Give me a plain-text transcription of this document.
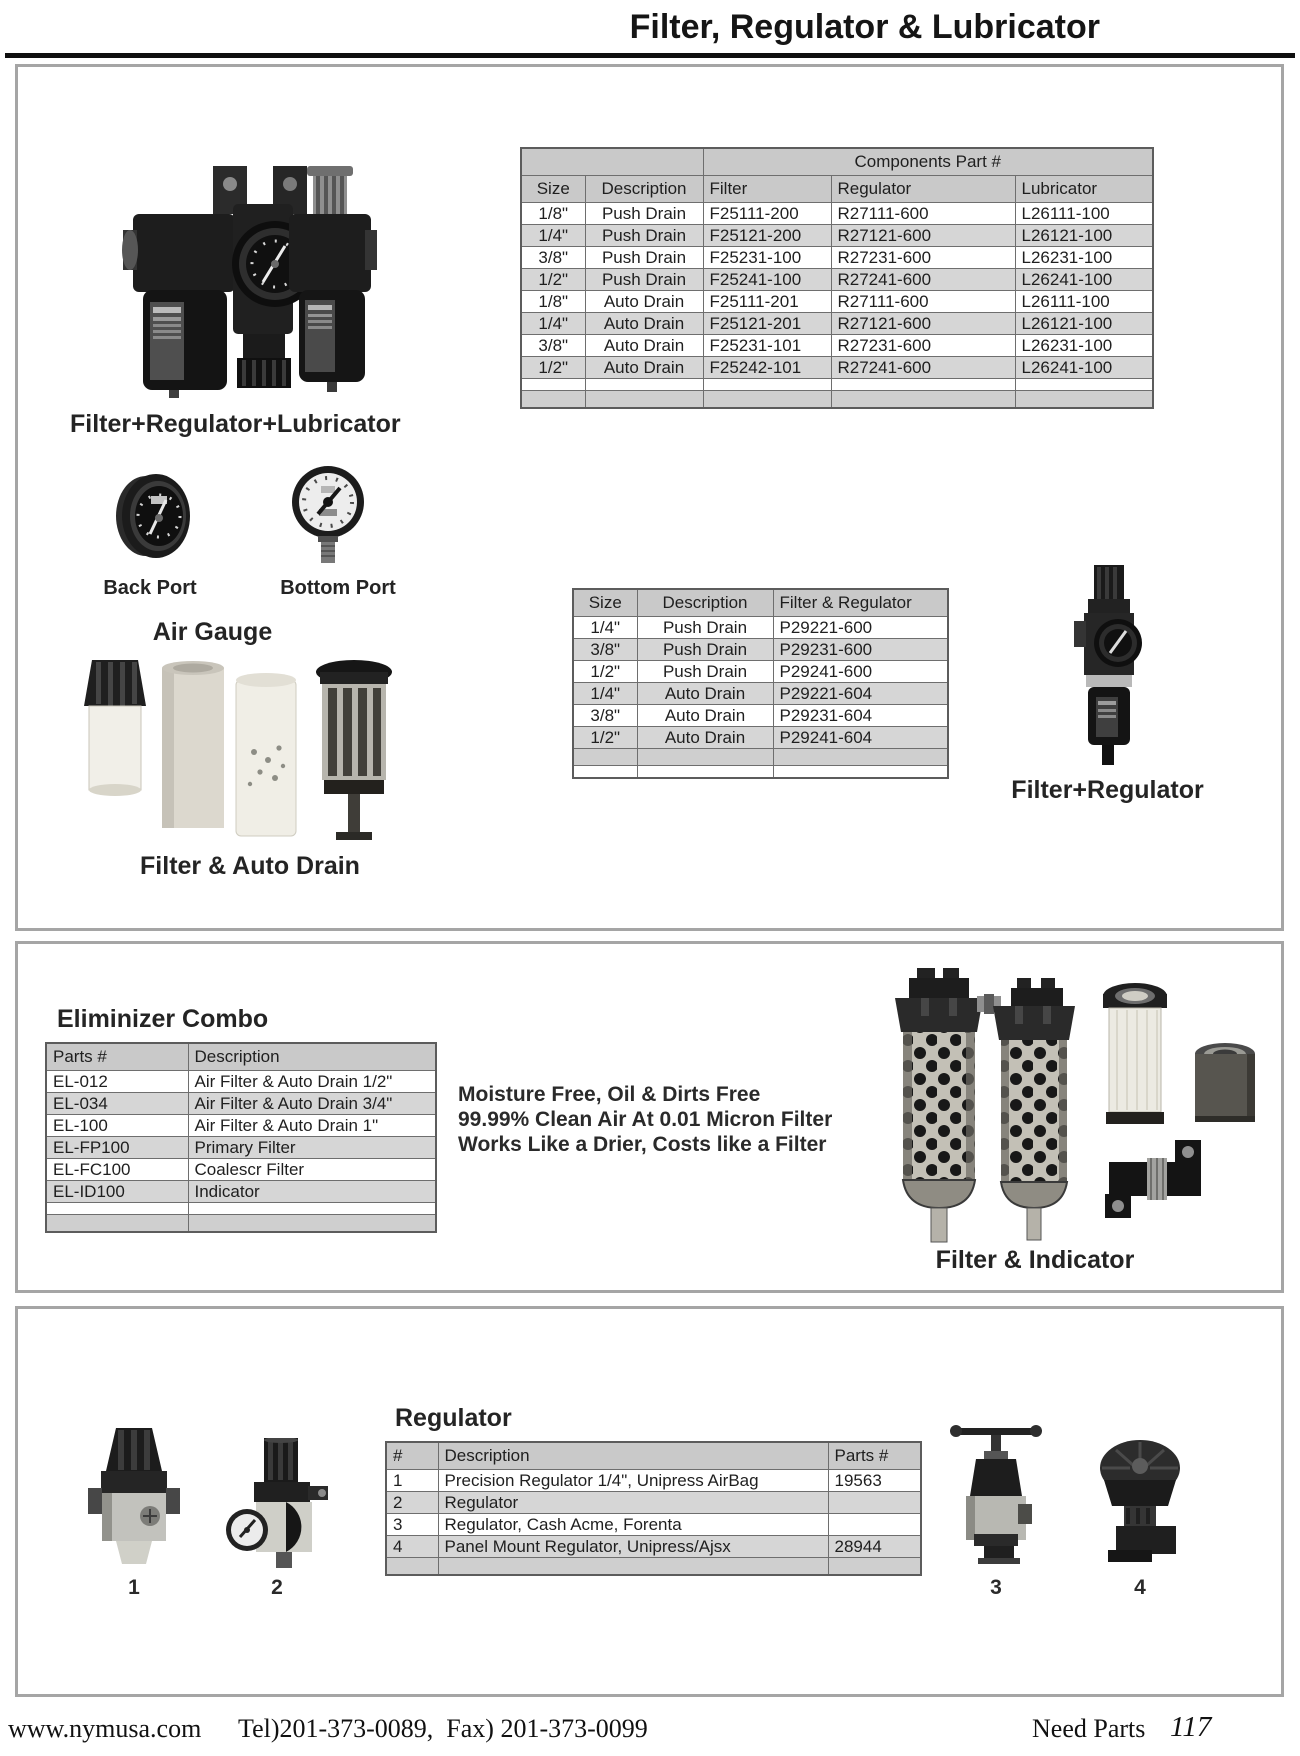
Filter, Regulator & Lubricator
Filter+Regulator+Lubricator
		Components Part #		
Size	Description	Filter	Regulator	Lubricator
1/8"	Push Drain	F25111-200	R27111-600	L26111-100
1/4"	Push Drain	F25121-200	R27121-600	L26121-100
3/8"	Push Drain	F25231-100	R27231-600	L26231-100
1/2"	Push Drain	F25241-100	R27241-600	L26241-100
1/8"	Auto Drain	F25111-201	R27111-600	L26111-100
1/4"	Auto Drain	F25121-201	R27121-600	L26121-100
3/8"	Auto Drain	F25231-101	R27231-600	L26231-100
1/2"	Auto Drain	F25242-101	R27241-600	L26241-100

Back Port	Bottom Port
Air Gauge
Filter & Auto Drain
Size	Description	Filter & Regulator
1/4"	Push Drain	P29221-600
3/8"	Push Drain	P29231-600
1/2"	Push Drain	P29241-600
1/4"	Auto Drain	P29221-604
3/8"	Auto Drain	P29231-604
1/2"	Auto Drain	P29241-604

Filter+Regulator
Eliminizer Combo
Parts #	Description
EL-012	Air Filter & Auto Drain 1/2"
EL-034	Air Filter & Auto Drain 3/4"
EL-100	Air Filter & Auto Drain 1"
EL-FP100	Primary Filter
EL-FC100	Coalescr Filter
EL-ID100	Indicator

Moisture Free, Oil & Dirts Free
99.99% Clean Air At 0.01 Micron Filter
Works Like a Drier, Costs like a Filter
Filter & Indicator
Regulator
#	Description	Parts #
1	Precision Regulator 1/4", Unipress AirBag	19563
2	Regulator	
3	Regulator, Cash Acme, Forenta	
4	Panel Mount Regulator, Unipress/Ajsx	28944

1	2	3	4
www.nymusa.com Tel)201-373-0089,  Fax) 201-373-0099	Need Parts 117
